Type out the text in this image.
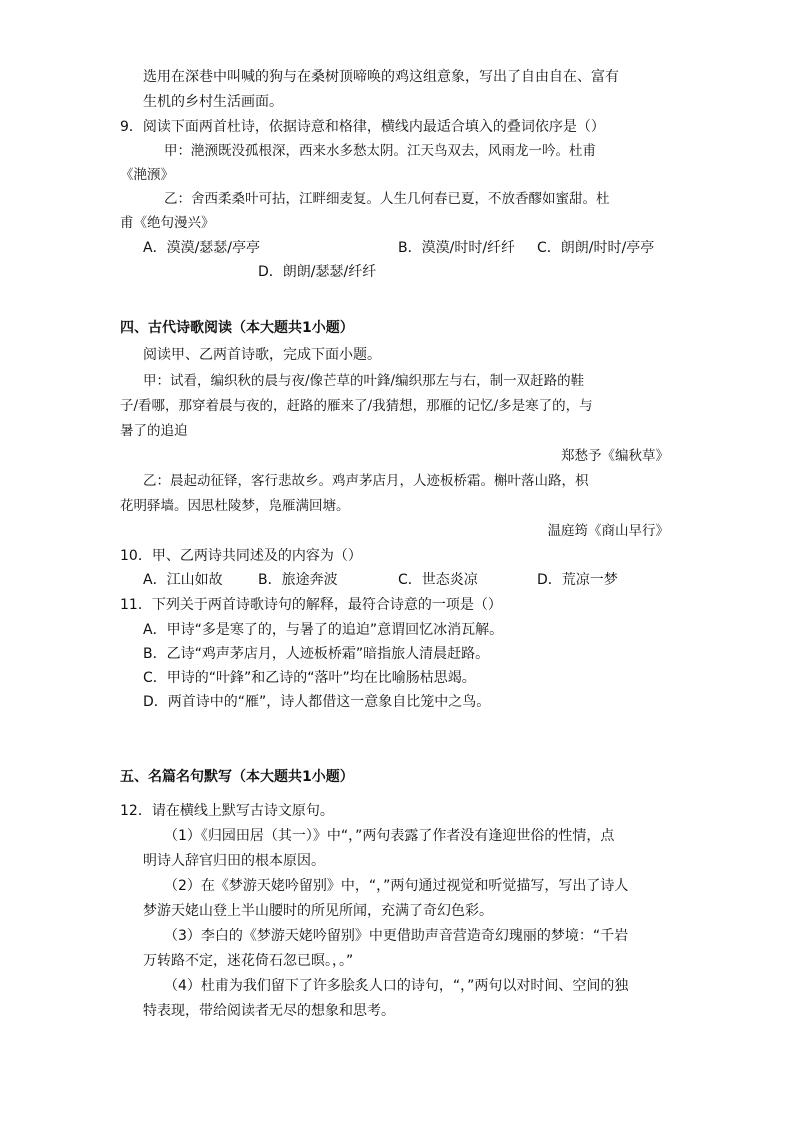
选用在深巷中叫喊的狗与在桑树顶啼唤的鸡这组意象，写出了自由自在、富有
生机的乡村生活画面。
9．阅读下面两首杜诗，依据诗意和格律，横线内最适合填入的叠词依序是（）
甲：滟滪既没孤根深，西来水多愁太阴。江天鸟双去，风雨龙一吟。杜甫
《滟滪》
乙：舍西柔桑叶可拈，江畔细麦复。人生几何春已夏，不放香醪如蜜甜。杜
甫《绝句漫兴》
A．漠漠/瑟瑟/亭亭	B．漠漠/时时/纤纤 C．朗朗/时时/亭亭
D．朗朗/瑟瑟/纤纤
四、古代诗歌阅读（本大题共1小题）
阅读甲、乙两首诗歌，完成下面小题。
甲：试看，编织秋的晨与夜/像芒草的叶鋒/编织那左与右，制一双赶路的鞋
子/看哪，那穿着晨与夜的，赶路的雁来了/我猜想，那雁的记忆/多是寒了的，与
暑了的追迫
郑愁予《编秋草》
乙：晨起动征铎，客行悲故乡。鸡声茅店月，人迹板桥霜。槲叶落山路，枳
花明驿墙。因思杜陵梦，凫雁满回塘。
温庭筠《商山早行》
10．甲、乙两诗共同述及的内容为（）
A．江山如故	B．旅途奔波	C．世态炎凉	D．荒凉一梦
11．下列关于两首诗歌诗句的解释，最符合诗意的一项是（）
A．甲诗“多是寒了的，与暑了的追迫”意谓回忆冰消瓦解。
B．乙诗“鸡声茅店月，人迹板桥霜”暗指旅人清晨赶路。
C．甲诗的“叶鋒”和乙诗的“落叶”均在比喻肠枯思竭。
D．两首诗中的“雁”，诗人都借这一意象自比笼中之鸟。
五、名篇名句默写（本大题共1小题）
12．请在横线上默写古诗文原句。
（1）《归园田居（其一）》中“，”两句表露了作者没有逢迎世俗的性情，点
明诗人辞官归田的根本原因。
（2）在《梦游天姥吟留别》中，“，”两句通过视觉和听觉描写，写出了诗人
梦游天姥山登上半山腰时的所见所闻，充满了奇幻色彩。
（3）李白的《梦游天姥吟留别》中更借助声音营造奇幻瑰丽的梦境：“千岩
万转路不定，迷花倚石忽已暝。，。”
（4）杜甫为我们留下了许多脍炙人口的诗句，“，”两句以对时间、空间的独
特表现，带给阅读者无尽的想象和思考。
